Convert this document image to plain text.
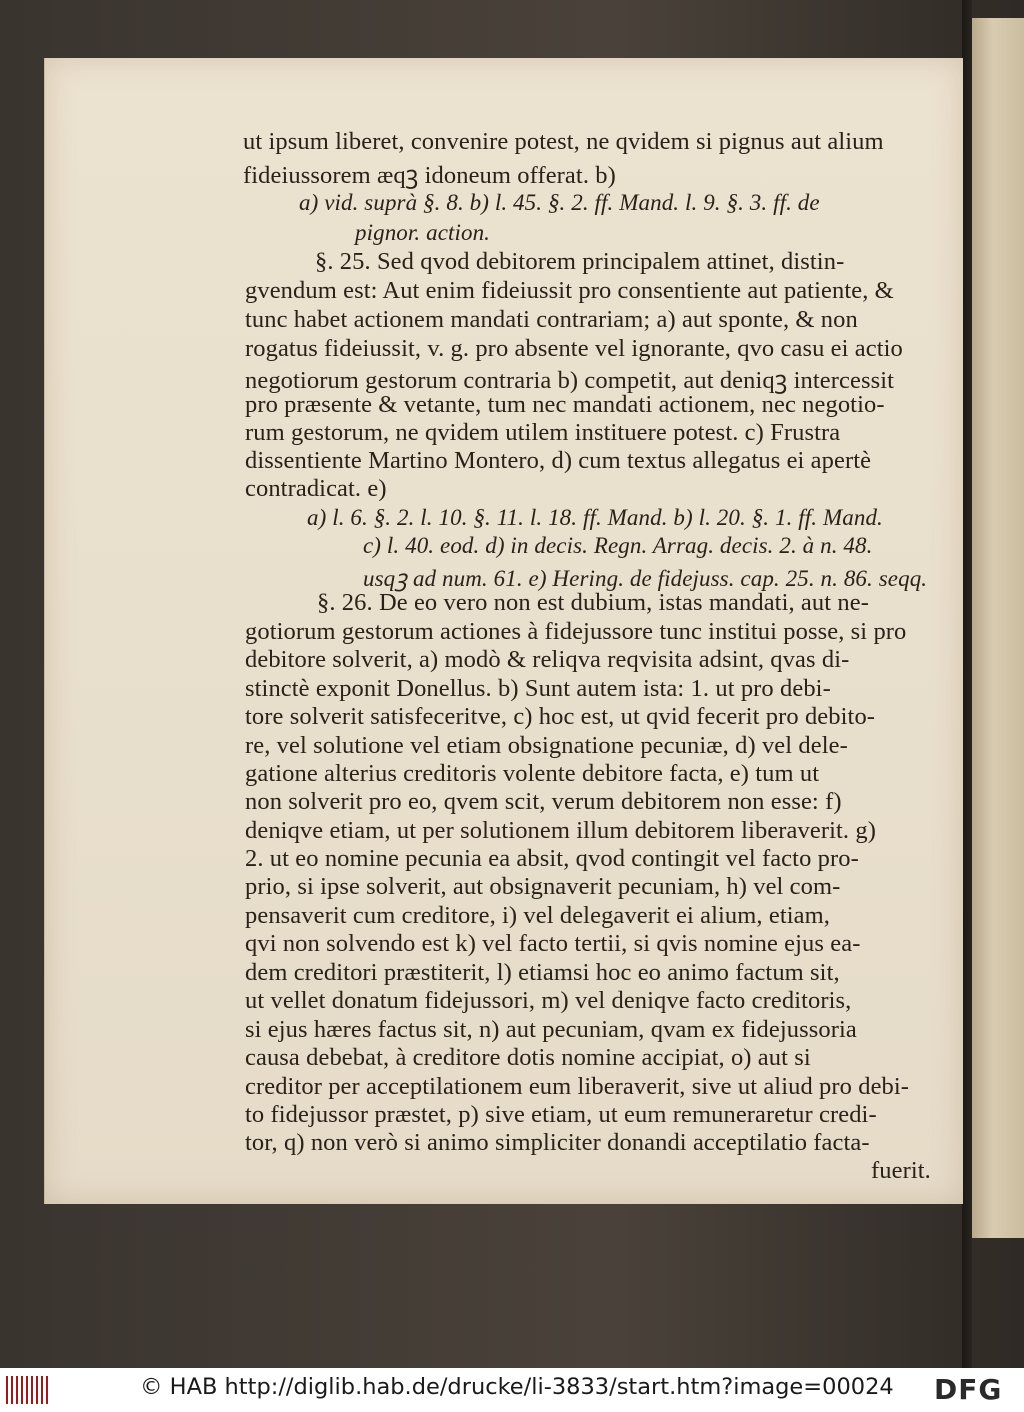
ut ipsum liberet, convenire potest, ne qvidem si pignus aut alium
fideiussorem æqꝫ idoneum offerat. b)
a) vid. suprà §. 8. b) l. 45. §. 2. ff. Mand. l. 9. §. 3. ff. de
pignor. action.
§. 25. Sed qvod debitorem principalem attinet, distin-
gvendum est: Aut enim fideiussit pro consentiente aut patiente, &
tunc habet actionem mandati contrariam; a) aut sponte, & non
rogatus fideiussit, v. g. pro absente vel ignorante, qvo casu ei actio
negotiorum gestorum contraria b) competit, aut deniqꝫ intercessit
pro præsente & vetante, tum nec mandati actionem, nec negotio-
rum gestorum, ne qvidem utilem instituere potest. c) Frustra
dissentiente Martino Montero, d) cum textus allegatus ei apertè
contradicat. e)
a) l. 6. §. 2. l. 10. §. 11. l. 18. ff. Mand. b) l. 20. §. 1. ff. Mand.
c) l. 40. eod. d) in decis. Regn. Arrag. decis. 2. à n. 48.
usqꝫ ad num. 61. e) Hering. de fidejuss. cap. 25. n. 86. seqq.
§. 26. De eo vero non est dubium, istas mandati, aut ne-
gotiorum gestorum actiones à fidejussore tunc institui posse, si pro
debitore solverit, a) modò & reliqva reqvisita adsint, qvas di-
stinctè exponit Donellus. b) Sunt autem ista: 1. ut pro debi-
tore solverit satisfeceritve, c) hoc est, ut qvid fecerit pro debito-
re, vel solutione vel etiam obsignatione pecuniæ, d) vel dele-
gatione alterius creditoris volente debitore facta, e) tum ut
non solverit pro eo, qvem scit, verum debitorem non esse: f)
deniqve etiam, ut per solutionem illum debitorem liberaverit. g)
2. ut eo nomine pecunia ea absit, qvod contingit vel facto pro-
prio, si ipse solverit, aut obsignaverit pecuniam, h) vel com-
pensaverit cum creditore, i) vel delegaverit ei alium, etiam,
qvi non solvendo est k) vel facto tertii, si qvis nomine ejus ea-
dem creditori præstiterit, l) etiamsi hoc eo animo factum sit,
ut vellet donatum fidejussori, m) vel deniqve facto creditoris,
si ejus hæres factus sit, n) aut pecuniam, qvam ex fidejussoria
causa debebat, à creditore dotis nomine accipiat, o) aut si
creditor per acceptilationem eum liberaverit, sive ut aliud pro debi-
to fidejussor præstet, p) sive etiam, ut eum remuneraretur credi-
tor, q) non verò si animo simpliciter donandi acceptilatio facta-
fuerit.
© HAB http://diglib.hab.de/drucke/li-3833/start.htm?image=00024 DFG
